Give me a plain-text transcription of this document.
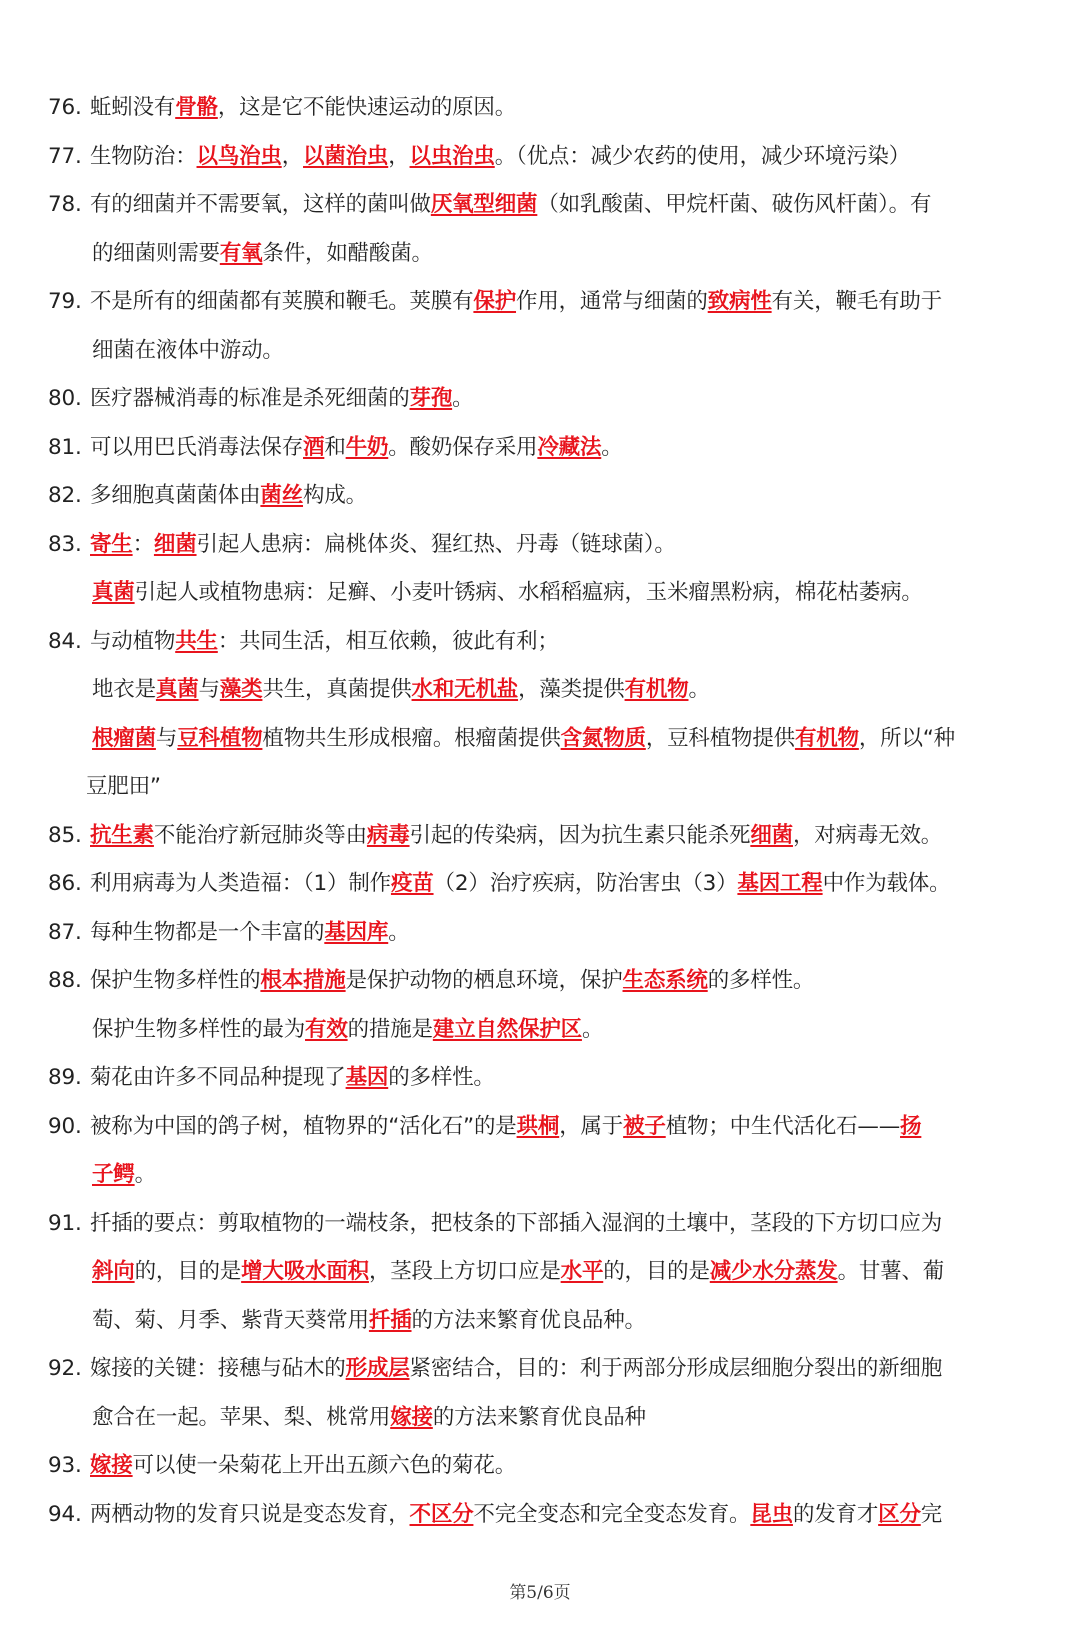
76. 蚯蚓没有骨骼，这是它不能快速运动的原因。
77. 生物防治：以鸟治虫，以菌治虫，以虫治虫。（优点：减少农药的使用，减少环境污染）
78. 有的细菌并不需要氧，这样的菌叫做厌氧型细菌（如乳酸菌、甲烷杆菌、破伤风杆菌）。有
的细菌则需要有氧条件，如醋酸菌。
79. 不是所有的细菌都有荚膜和鞭毛。荚膜有保护作用，通常与细菌的致病性有关，鞭毛有助于
细菌在液体中游动。
80. 医疗器械消毒的标准是杀死细菌的芽孢。
81. 可以用巴氏消毒法保存酒和牛奶。酸奶保存采用冷藏法。
82. 多细胞真菌菌体由菌丝构成。
83. 寄生：细菌引起人患病：扁桃体炎、猩红热、丹毒（链球菌）。
真菌引起人或植物患病：足癣、小麦叶锈病、水稻稻瘟病，玉米瘤黑粉病，棉花枯萎病。
84. 与动植物共生：共同生活，相互依赖，彼此有利；
地衣是真菌与藻类共生，真菌提供水和无机盐，藻类提供有机物。
根瘤菌与豆科植物植物共生形成根瘤。根瘤菌提供含氮物质，豆科植物提供有机物，所以“种
豆肥田”
85. 抗生素不能治疗新冠肺炎等由病毒引起的传染病，因为抗生素只能杀死细菌，对病毒无效。
86. 利用病毒为人类造福：（1）制作疫苗（2）治疗疾病，防治害虫（3）基因工程中作为载体。
87. 每种生物都是一个丰富的基因库。
88. 保护生物多样性的根本措施是保护动物的栖息环境，保护生态系统的多样性。
保护生物多样性的最为有效的措施是建立自然保护区。
89. 菊花由许多不同品种提现了基因的多样性。
90. 被称为中国的鸽子树，植物界的“活化石”的是珙桐，属于被子植物；中生代活化石——扬
子鳄。
91. 扦插的要点：剪取植物的一端枝条，把枝条的下部插入湿润的土壤中，茎段的下方切口应为
斜向的，目的是增大吸水面积，茎段上方切口应是水平的，目的是减少水分蒸发。甘薯、葡
萄、菊、月季、紫背天葵常用扦插的方法来繁育优良品种。
92. 嫁接的关键：接穗与砧木的形成层紧密结合，目的：利于两部分形成层细胞分裂出的新细胞
愈合在一起。苹果、梨、桃常用嫁接的方法来繁育优良品种
93. 嫁接可以使一朵菊花上开出五颜六色的菊花。
94. 两栖动物的发育只说是变态发育，不区分不完全变态和完全变态发育。昆虫的发育才区分完
第5/6页
